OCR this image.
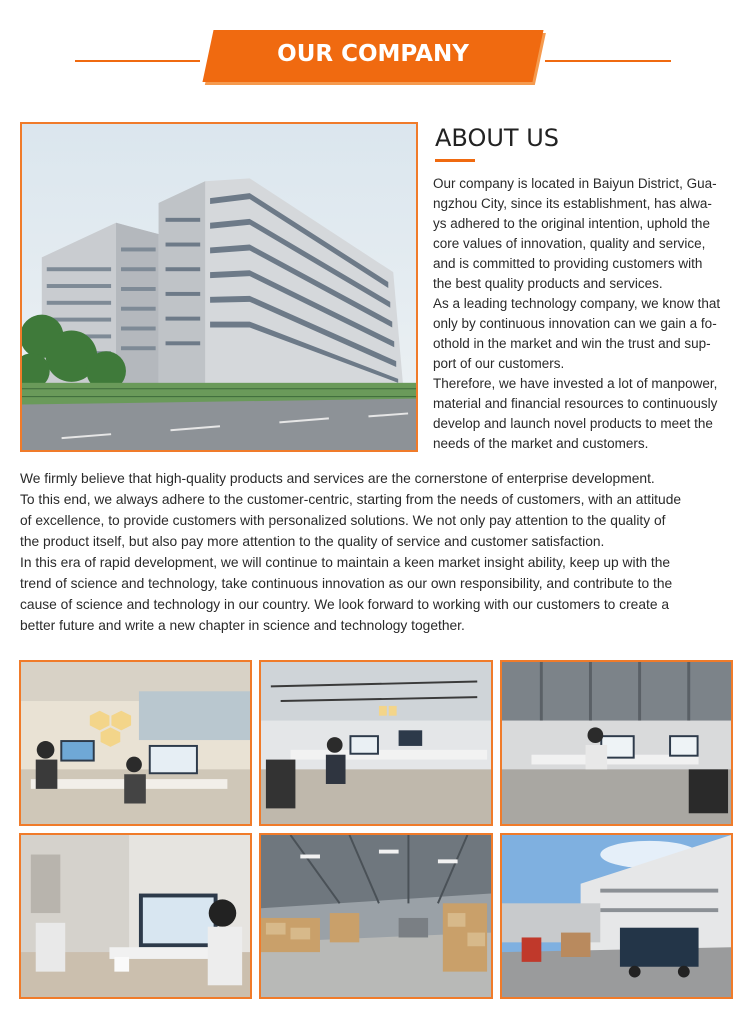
OUR COMPANY
ABOUT US

Our company is located in Baiyun District, Gua-
ngzhou City, since its establishment, has alwa-
ys adhered to the original intention, uphold the
core values of innovation, quality and service,
and is committed to providing customers with
the best quality products and services.

As a leading technology company, we know that
only by continuous innovation can we gain a fo-
othold in the market and win the trust and sup-
port of our customers.

Therefore, we have invested a lot of manpower,
material and financial resources to continuously
develop and launch novel products to meet the
needs of the market and customers.

We firmly believe that high-quality products and services are the cornerstone of enterprise development.

To this end, we always adhere to the customer-centric, starting from the needs of customers, with an attitude
of excellence, to provide customers with personalized solutions. We not only pay attention to the quality of
the product itself, but also pay more attention to the quality of service and customer satisfaction.

In this era of rapid development, we will continue to maintain a keen market insight ability, keep up with the
trend of science and technology, take continuous innovation as our own responsibility, and contribute to the
cause of science and technology in our country. We look forward to working with our customers to create a
better future and write a new chapter in science and technology together.
